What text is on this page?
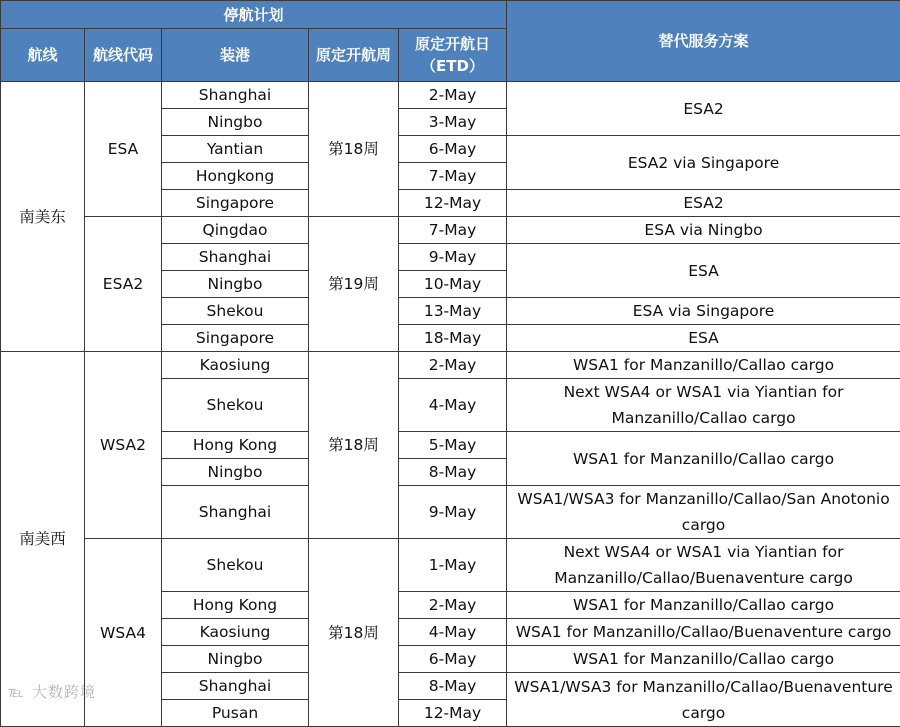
停航计划					替代服务方案
航线	航线代码	装港	原定开航周	原定开航日
（ETD）	
南美东	ESA	Shanghai	第18周	2-May	ESA2
		Ningbo		3-May	
		Yantian		6-May	ESA2 via Singapore
		Hongkong		7-May	
		Singapore		12-May	ESA2
	ESA2	Qingdao	第19周	7-May	ESA via Ningbo
		Shanghai		9-May	ESA
		Ningbo		10-May	
		Shekou		13-May	ESA via Singapore
		Singapore		18-May	ESA
南美西	WSA2	Kaosiung	第18周	2-May	WSA1 for Manzanillo/Callao cargo
		Shekou		4-May	Next WSA4 or WSA1 via Yiantian for Manzanillo/Callao cargo
		Hong Kong		5-May	WSA1 for Manzanillo/Callao cargo
		Ningbo		8-May	
		Shanghai		9-May	WSA1/WSA3 for Manzanillo/Callao/San Anotonio cargo
	WSA4	Shekou	第18周	1-May	Next WSA4 or WSA1 via Yiantian for Manzanillo/Callao/Buenaventure cargo
		Hong Kong		2-May	WSA1 for Manzanillo/Callao cargo
		Kaosiung		4-May	WSA1 for Manzanillo/Callao/Buenaventure cargo
		Ningbo		6-May	WSA1 for Manzanillo/Callao cargo
		Shanghai		8-May	WSA1/WSA3 for Manzanillo/Callao/Buenaventure cargo
		Pusan		12-May	
℡ 大数跨境
